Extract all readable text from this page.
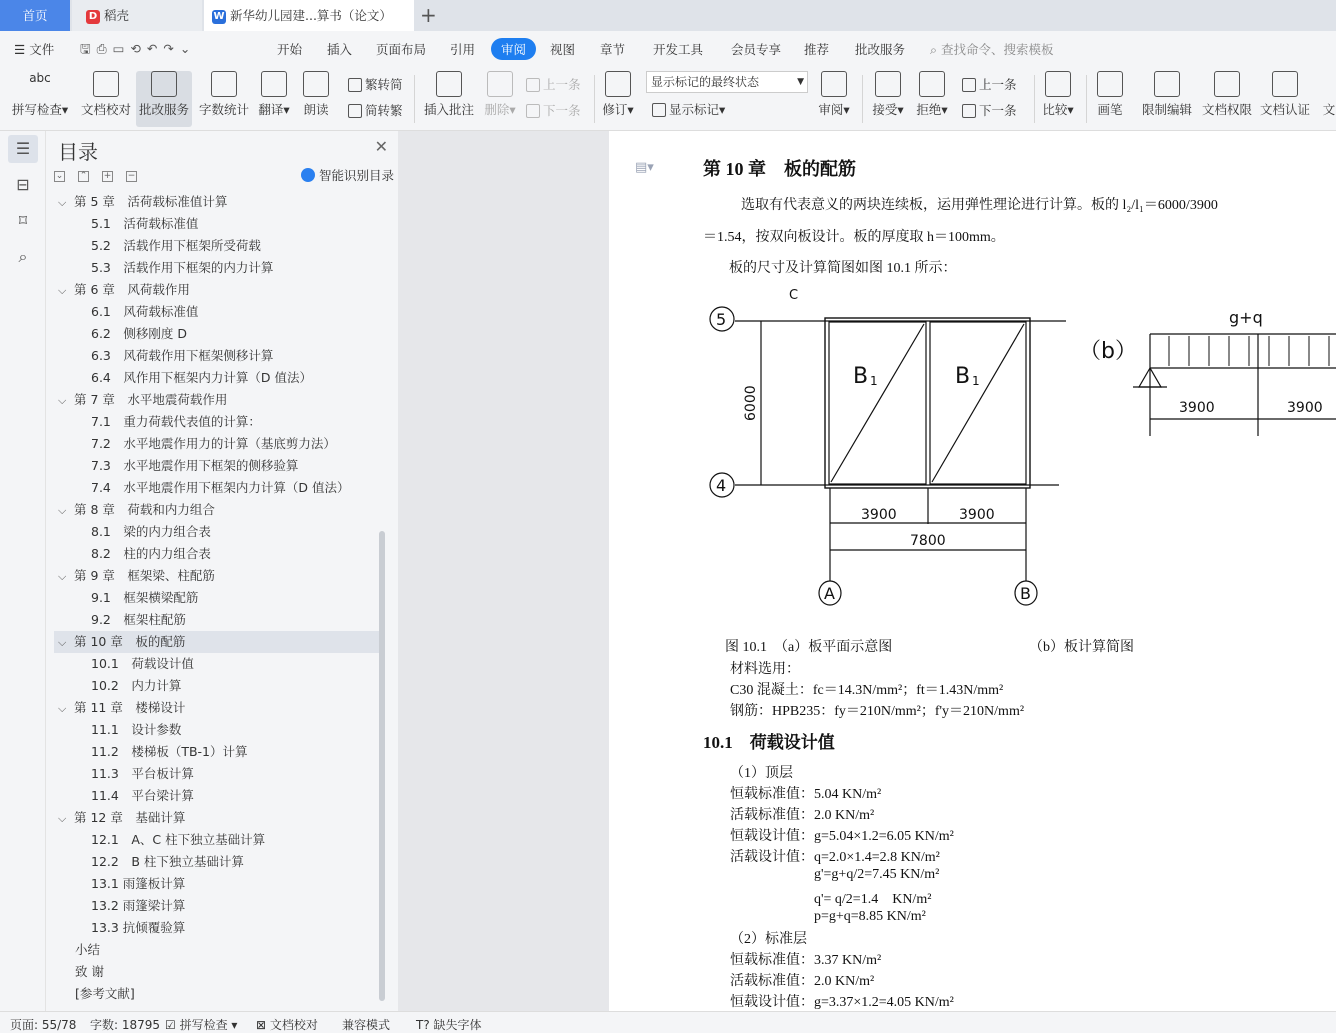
首页	D 稻壳	W 新华幼儿园建...算书（论文）	+
☰ 文件 🖫⎙▭⟲↶↷⌄	开始 插入 页面布局 引用	审阅	视图 章节 开发工具 会员专享 推荐 批改服务 ⌕ 查找命令、搜索模板
abc
拼写检查▾ 文档校对 批改服务 字数统计 翻译▾ 朗读
繁转简
简转繁 插入批注 删除▾
上一条
下一条 修订▾
显示标记的最终状态	▼
显示标记▾	审阅▾ 接受▾ 拒绝▾
上一条
下一条 比较▾ 画笔 限制编辑 文档权限 文档认证 文
☰
⊟
⌑
⌕
目录	✕
⌄ ⌃ + −	智能识别目录
⌵ 第 5 章　活荷载标准值计算
5.1　活荷载标准值
5.2　活载作用下框架所受荷载
5.3　活载作用下框架的内力计算
⌵ 第 6 章　风荷载作用
6.1　风荷载标准值
6.2　侧移刚度 D
6.3　风荷载作用下框架侧移计算
6.4　风作用下框架内力计算（D 值法）
⌵ 第 7 章　水平地震荷载作用
7.1　重力荷载代表值的计算：
7.2　水平地震作用力的计算（基底剪力法）
7.3　水平地震作用下框架的侧移验算
7.4　水平地震作用下框架内力计算（D 值法）
⌵ 第 8 章　荷载和内力组合
8.1　梁的内力组合表
8.2　柱的内力组合表
⌵ 第 9 章　框架梁、柱配筋
9.1　框架横梁配筋
9.2　框架柱配筋
⌵ 第 10 章　板的配筋
10.1　荷载设计值
10.2　内力计算
⌵ 第 11 章　楼梯设计
11.1　设计参数
11.2　楼梯板（TB-1）计算
11.3　平台板计算
11.4　平台梁计算
⌵ 第 12 章　基础计算
12.1　A、C 柱下独立基础计算
12.2　B 柱下独立基础计算
13.1 雨篷板计算
13.2 雨篷梁计算
13.3 抗倾覆验算
小结
致 谢
[参考文献]
▤▾	第 10 章　板的配筋
选取有代表意义的两块连续板，运用弹性理论进行计算。板的 l₂/l₁＝6000/3900
＝1.54，按双向板设计。板的厚度取 h＝100mm。
板的尺寸及计算简图如图 10.1 所示：
5
4
A	B
B 1	B 1
3900	3900
7800
6000
C
（b）
g+q
3900	3900
图 10.1　（a）板平面示意图	（b）板计算简图
材料选用：
C30 混凝土：fc＝14.3N/mm²；ft＝1.43N/mm²
钢筋：HPB235：fy＝210N/mm²；f'y＝210N/mm²
10.1　荷载设计值
（1）顶层
恒载标准值：5.04 KN/m²
活载标准值：2.0 KN/m²
恒载设计值：g=5.04×1.2=6.05 KN/m²
活载设计值：q=2.0×1.4=2.8 KN/m²
g'=g+q/2=7.45 KN/m²
q'= q/2=1.4　KN/m²
p=g+q=8.85 KN/m²
（2）标准层
恒载标准值：3.37 KN/m²
活载标准值：2.0 KN/m²
恒载设计值：g=3.37×1.2=4.05 KN/m²
页面: 55/78 字数: 18795 ☑ 拼写检查 ▾ ⊠ 文档校对 兼容模式 T? 缺失字体
